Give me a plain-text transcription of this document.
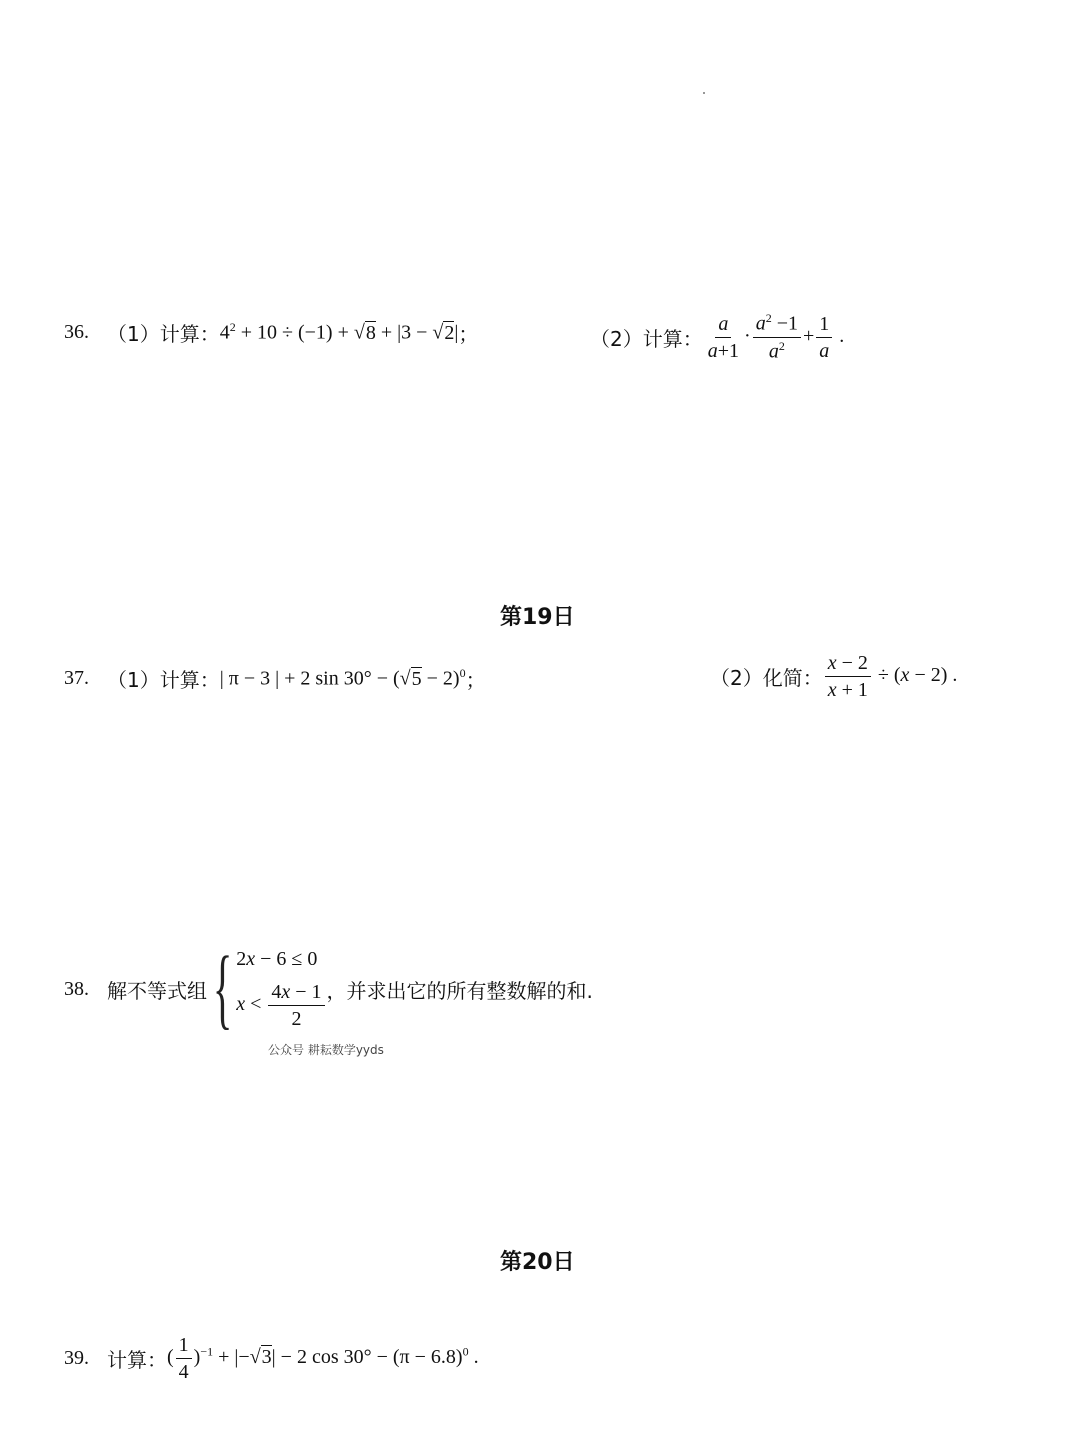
36. （1）计算： $4^2 + 10 \div (-1) + √8 + |3 - √2|$ ；	（2）计算： $\frac{a}{a+1} \cdot \frac{a^2 -1}{a^2} + \frac{1}{a}$ .
第19日
37. （1）计算： | π − 3 | + 2 $\sin 30^\circ - (√5 - 2)^0$ ；	（2）化简： $\frac{x - 2}{x + 1} \div (x - 2)$ .
38. 解不等式组 { 2x − 6 ≤ 0
$x < \frac{4x - 1}{2}$ ，并求出它的所有整数解的和.
公众号 耕耘数学yyds
第20日
39. 计算： ( $\frac{1}{4} )^{-1} + |-√3| - 2$ $\cos 30^\circ - (\pi - 6.8)^0$ .
